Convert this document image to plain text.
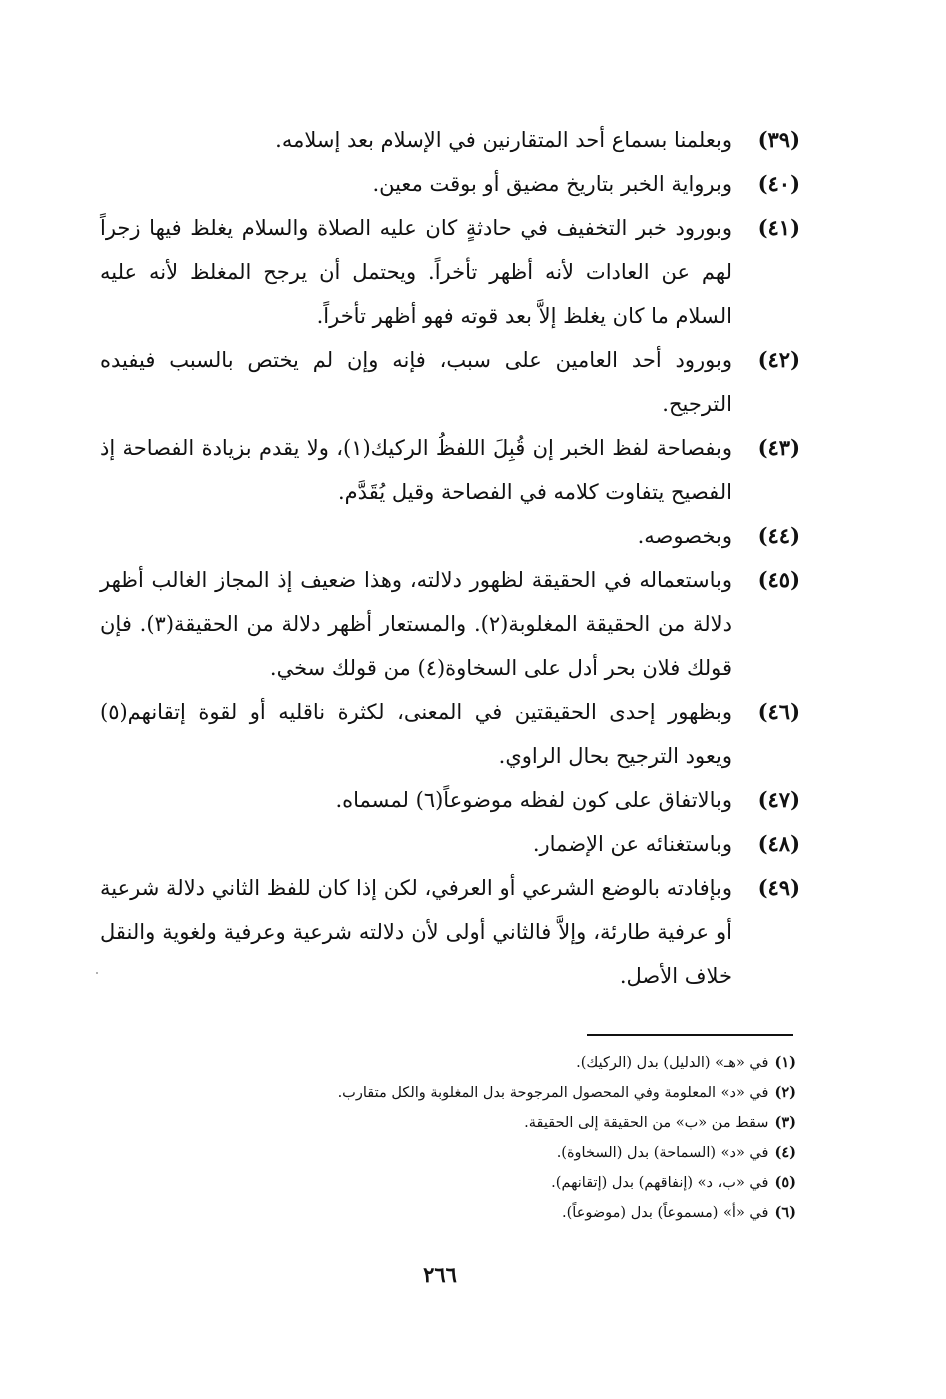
(٣٩)
وبعلمنا بسماع أحد المتقارنين في الإسلام بعد إسلامه.
(٤٠)
وبرواية الخبر بتاريخ مضيق أو بوقت معين.
(٤١)
وبورود خبر التخفيف في حادثةٍ كان عليه الصلاة والسلام يغلظ فيها زجراً لهم عن العادات لأنه أظهر تأخراً. ويحتمل أن يرجح المغلظ لأنه عليه السلام ما كان يغلظ إلاَّ بعد قوته فهو أظهر تأخراً.
(٤٢)
وبورود أحد العامين على سبب، فإنه وإن لم يختص بالسبب فيفيده الترجيح.
(٤٣)
وبفصاحة لفظ الخبر إن قُبِلَ اللفظُ الركيك(١)، ولا يقدم بزيادة الفصاحة إذ الفصيح يتفاوت كلامه في الفصاحة وقيل يُقَدَّم.
(٤٤)
وبخصوصه.
(٤٥)
وباستعماله في الحقيقة لظهور دلالته، وهذا ضعيف إذ المجاز الغالب أظهر دلالة من الحقيقة المغلوبة(٢). والمستعار أظهر دلالة من الحقيقة(٣). فإن قولك فلان بحر أدل على السخاوة(٤) من قولك سخي.
(٤٦)
وبظهور إحدى الحقيقتين في المعنى، لكثرة ناقليه أو لقوة إتقانهم(٥) ويعود الترجيح بحال الراوي.
(٤٧)
وبالاتفاق على كون لفظه موضوعاً(٦) لمسماه.
(٤٨)
وباستغنائه عن الإضمار.
(٤٩)
وبإفادته بالوضع الشرعي أو العرفي، لكن إذا كان للفظ الثاني دلالة شرعية أو عرفية طارئة، وإلاَّ فالثاني أولى لأن دلالته شرعية وعرفية ولغوية والنقل خلاف الأصل.
(١)في «هـ» (الدليل) بدل (الركيك).
(٢)في «د» المعلومة وفي المحصول المرجوحة بدل المغلوبة والكل متقارب.
(٣)سقط من «ب» من الحقيقة إلى الحقيقة.
(٤)في «د» (السماحة) بدل (السخاوة).
(٥)في «ب، د» (إنفاقهم) بدل (إتقانهم).
(٦)في «أ» (مسموعاً) بدل (موضوعاً).
٢٦٦
